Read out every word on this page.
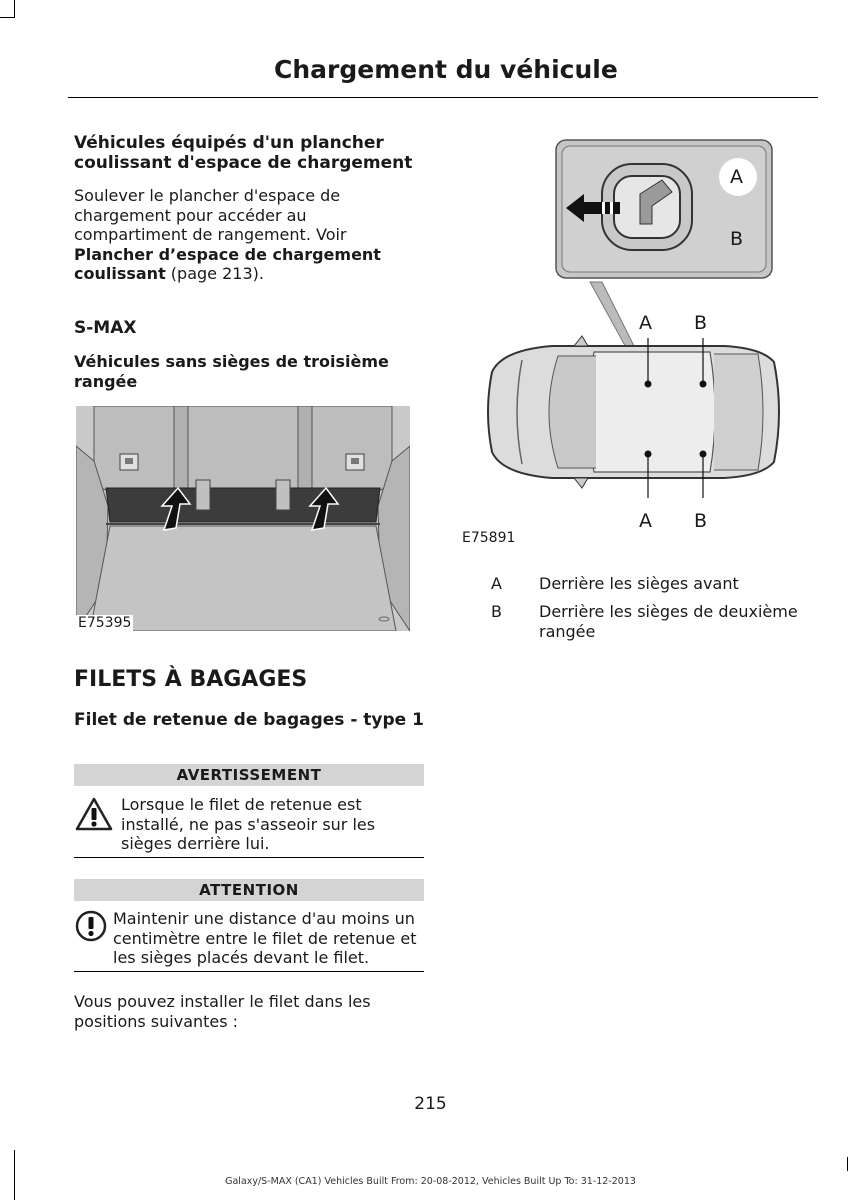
Chargement du véhicule

Véhicules équipés d'un plancher coulissant d'espace de chargement

Soulever le plancher d'espace de chargement pour accéder au compartiment de rangement. Voir Plancher d’espace de chargement coulissant (page 213).
S-MAX
Véhicules sans sièges de troisième rangée
E75395
FILETS À BAGAGES
Filet de retenue de bagages - type 1
AVERTISSEMENT
Lorsque le filet de retenue est installé, ne pas s'asseoir sur les sièges derrière lui.
ATTENTION
Maintenir une distance d'au moins un centimètre entre le filet de retenue et les sièges placés devant le filet.
Vous pouvez installer le filet dans les positions suivantes :
A
B
A B
A B
E75891
A Derrière les sièges avant
B Derrière les sièges de deuxième rangée
215
Galaxy/S-MAX (CA1) Vehicles Built From: 20-08-2012, Vehicles Built Up To: 31-12-2013
